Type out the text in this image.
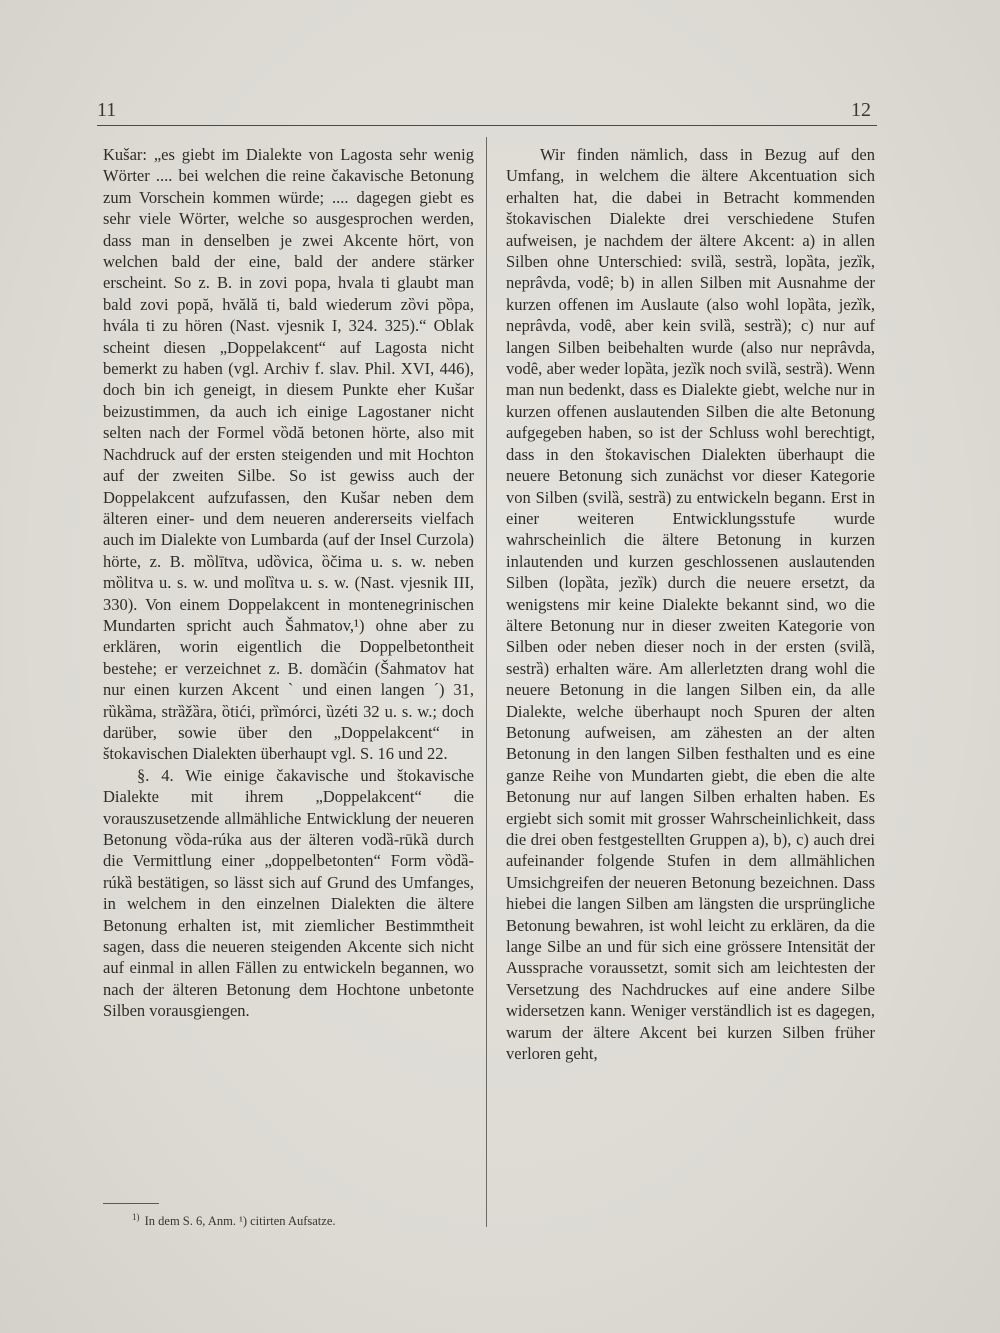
11	12

Kušar: „es giebt im Dialekte von Lagosta sehr wenig Wörter .... bei welchen die reine čakavische Betonung zum Vorschein kommen würde; .... dagegen giebt es sehr viele Wörter, welche so ausgesprochen werden, dass man in denselben je zwei Akcente hört, von welchen bald der eine, bald der andere stärker erscheint. So z. B. in zovi popa, hvala ti glaubt man bald zovi popă, hvălă ti, bald wiederum zȍvi pȍpa, hvála ti zu hören (Nast. vjesnik I, 324. 325).“ Oblak scheint diesen „Doppelakcent“ auf Lagosta nicht bemerkt zu haben (vgl. Archiv f. slav. Phil. XVI, 446), doch bin ich geneigt, in diesem Punkte eher Kušar beizustimmen, da auch ich einige Lagostaner nicht selten nach der Formel vȍdă betonen hörte, also mit Nachdruck auf der ersten steigenden und mit Hochton auf der zweiten Silbe. So ist gewiss auch der Doppelakcent aufzufassen, den Kušar neben dem älteren einer- und dem neueren andererseits vielfach auch im Dialekte von Lumbarda (auf der Insel Curzola) hörte, z. B. mȍlītva, udȍvica, ȍčima u. s. w. neben mȍlitva u. s. w. und molȉtva u. s. w. (Nast. vjesnik III, 330). Von einem Doppelakcent in montenegrinischen Mundarten spricht auch Šahmatov,¹) ohne aber zu erklären, worin eigentlich die Doppelbetontheit bestehe; er verzeichnet z. B. domȁćin (Šahmatov hat nur einen kurzen Akcent ` und einen langen ´) 31, rȕkȁma, strȁžȁra, ȍtići, prȉmórci, ȕzéti 32 u. s. w.; doch darüber, sowie über den „Doppelakcent“ in štokavischen Dialekten überhaupt vgl. S. 16 und 22.

§. 4. Wie einige čakavische und štokavische Dialekte mit ihrem „Doppelakcent“ die vorauszusetzende allmähliche Entwicklung der neueren Betonung vȍda-rúka aus der älteren vodȁ-rūkȁ durch die Vermittlung einer „doppelbetonten“ Form vȍdȁ-rúkȁ bestätigen, so lässt sich auf Grund des Umfanges, in welchem in den einzelnen Dialekten die ältere Betonung erhalten ist, mit ziemlicher Bestimmtheit sagen, dass die neueren steigenden Akcente sich nicht auf einmal in allen Fällen zu entwickeln begannen, wo nach der älteren Betonung dem Hochtone unbetonte Silben vorausgiengen.

Wir finden nämlich, dass in Bezug auf den Umfang, in welchem die ältere Akcentuation sich erhalten hat, die dabei in Betracht kommenden štokavischen Dialekte drei verschiedene Stufen aufweisen, je nachdem der ältere Akcent: a) in allen Silben ohne Unterschied: svilȁ, sestrȁ, lopȁta, jezȉk, neprâvda, vodȇ; b) in allen Silben mit Ausnahme der kurzen offenen im Auslaute (also wohl lopȁta, jezȉk, neprâvda, vodȇ, aber kein svilȁ, sestrȁ); c) nur auf langen Silben beibehalten wurde (also nur neprâvda, vodȇ, aber weder lopȁta, jezȉk noch svilȁ, sestrȁ). Wenn man nun bedenkt, dass es Dialekte giebt, welche nur in kurzen offenen auslautenden Silben die alte Betonung aufgegeben haben, so ist der Schluss wohl berechtigt, dass in den štokavischen Dialekten überhaupt die neuere Betonung sich zunächst vor dieser Kategorie von Silben (svilȁ, sestrȁ) zu entwickeln begann. Erst in einer weiteren Entwicklungsstufe wurde wahrscheinlich die ältere Betonung in kurzen inlautenden und kurzen geschlossenen auslautenden Silben (lopȁta, jezȉk) durch die neuere ersetzt, da wenigstens mir keine Dialekte bekannt sind, wo die ältere Betonung nur in dieser zweiten Kategorie von Silben oder neben dieser noch in der ersten (svilȁ, sestrȁ) erhalten wäre. Am allerletzten drang wohl die neuere Betonung in die langen Silben ein, da alle Dialekte, welche überhaupt noch Spuren der alten Betonung aufweisen, am zähesten an der alten Betonung in den langen Silben festhalten und es eine ganze Reihe von Mundarten giebt, die eben die alte Betonung nur auf langen Silben erhalten haben. Es ergiebt sich somit mit grosser Wahrscheinlichkeit, dass die drei oben festgestellten Gruppen a), b), c) auch drei aufeinander folgende Stufen in dem allmählichen Umsichgreifen der neueren Betonung bezeichnen. Dass hiebei die langen Silben am längsten die ursprüngliche Betonung bewahren, ist wohl leicht zu erklären, da die lange Silbe an und für sich eine grössere Intensität der Aussprache voraussetzt, somit sich am leichtesten der Versetzung des Nachdruckes auf eine andere Silbe widersetzen kann. Weniger verständlich ist es dagegen, warum der ältere Akcent bei kurzen Silben früher verloren geht,

$^{1)}$ In dem S. 6, Anm. ¹) citirten Aufsatze.
